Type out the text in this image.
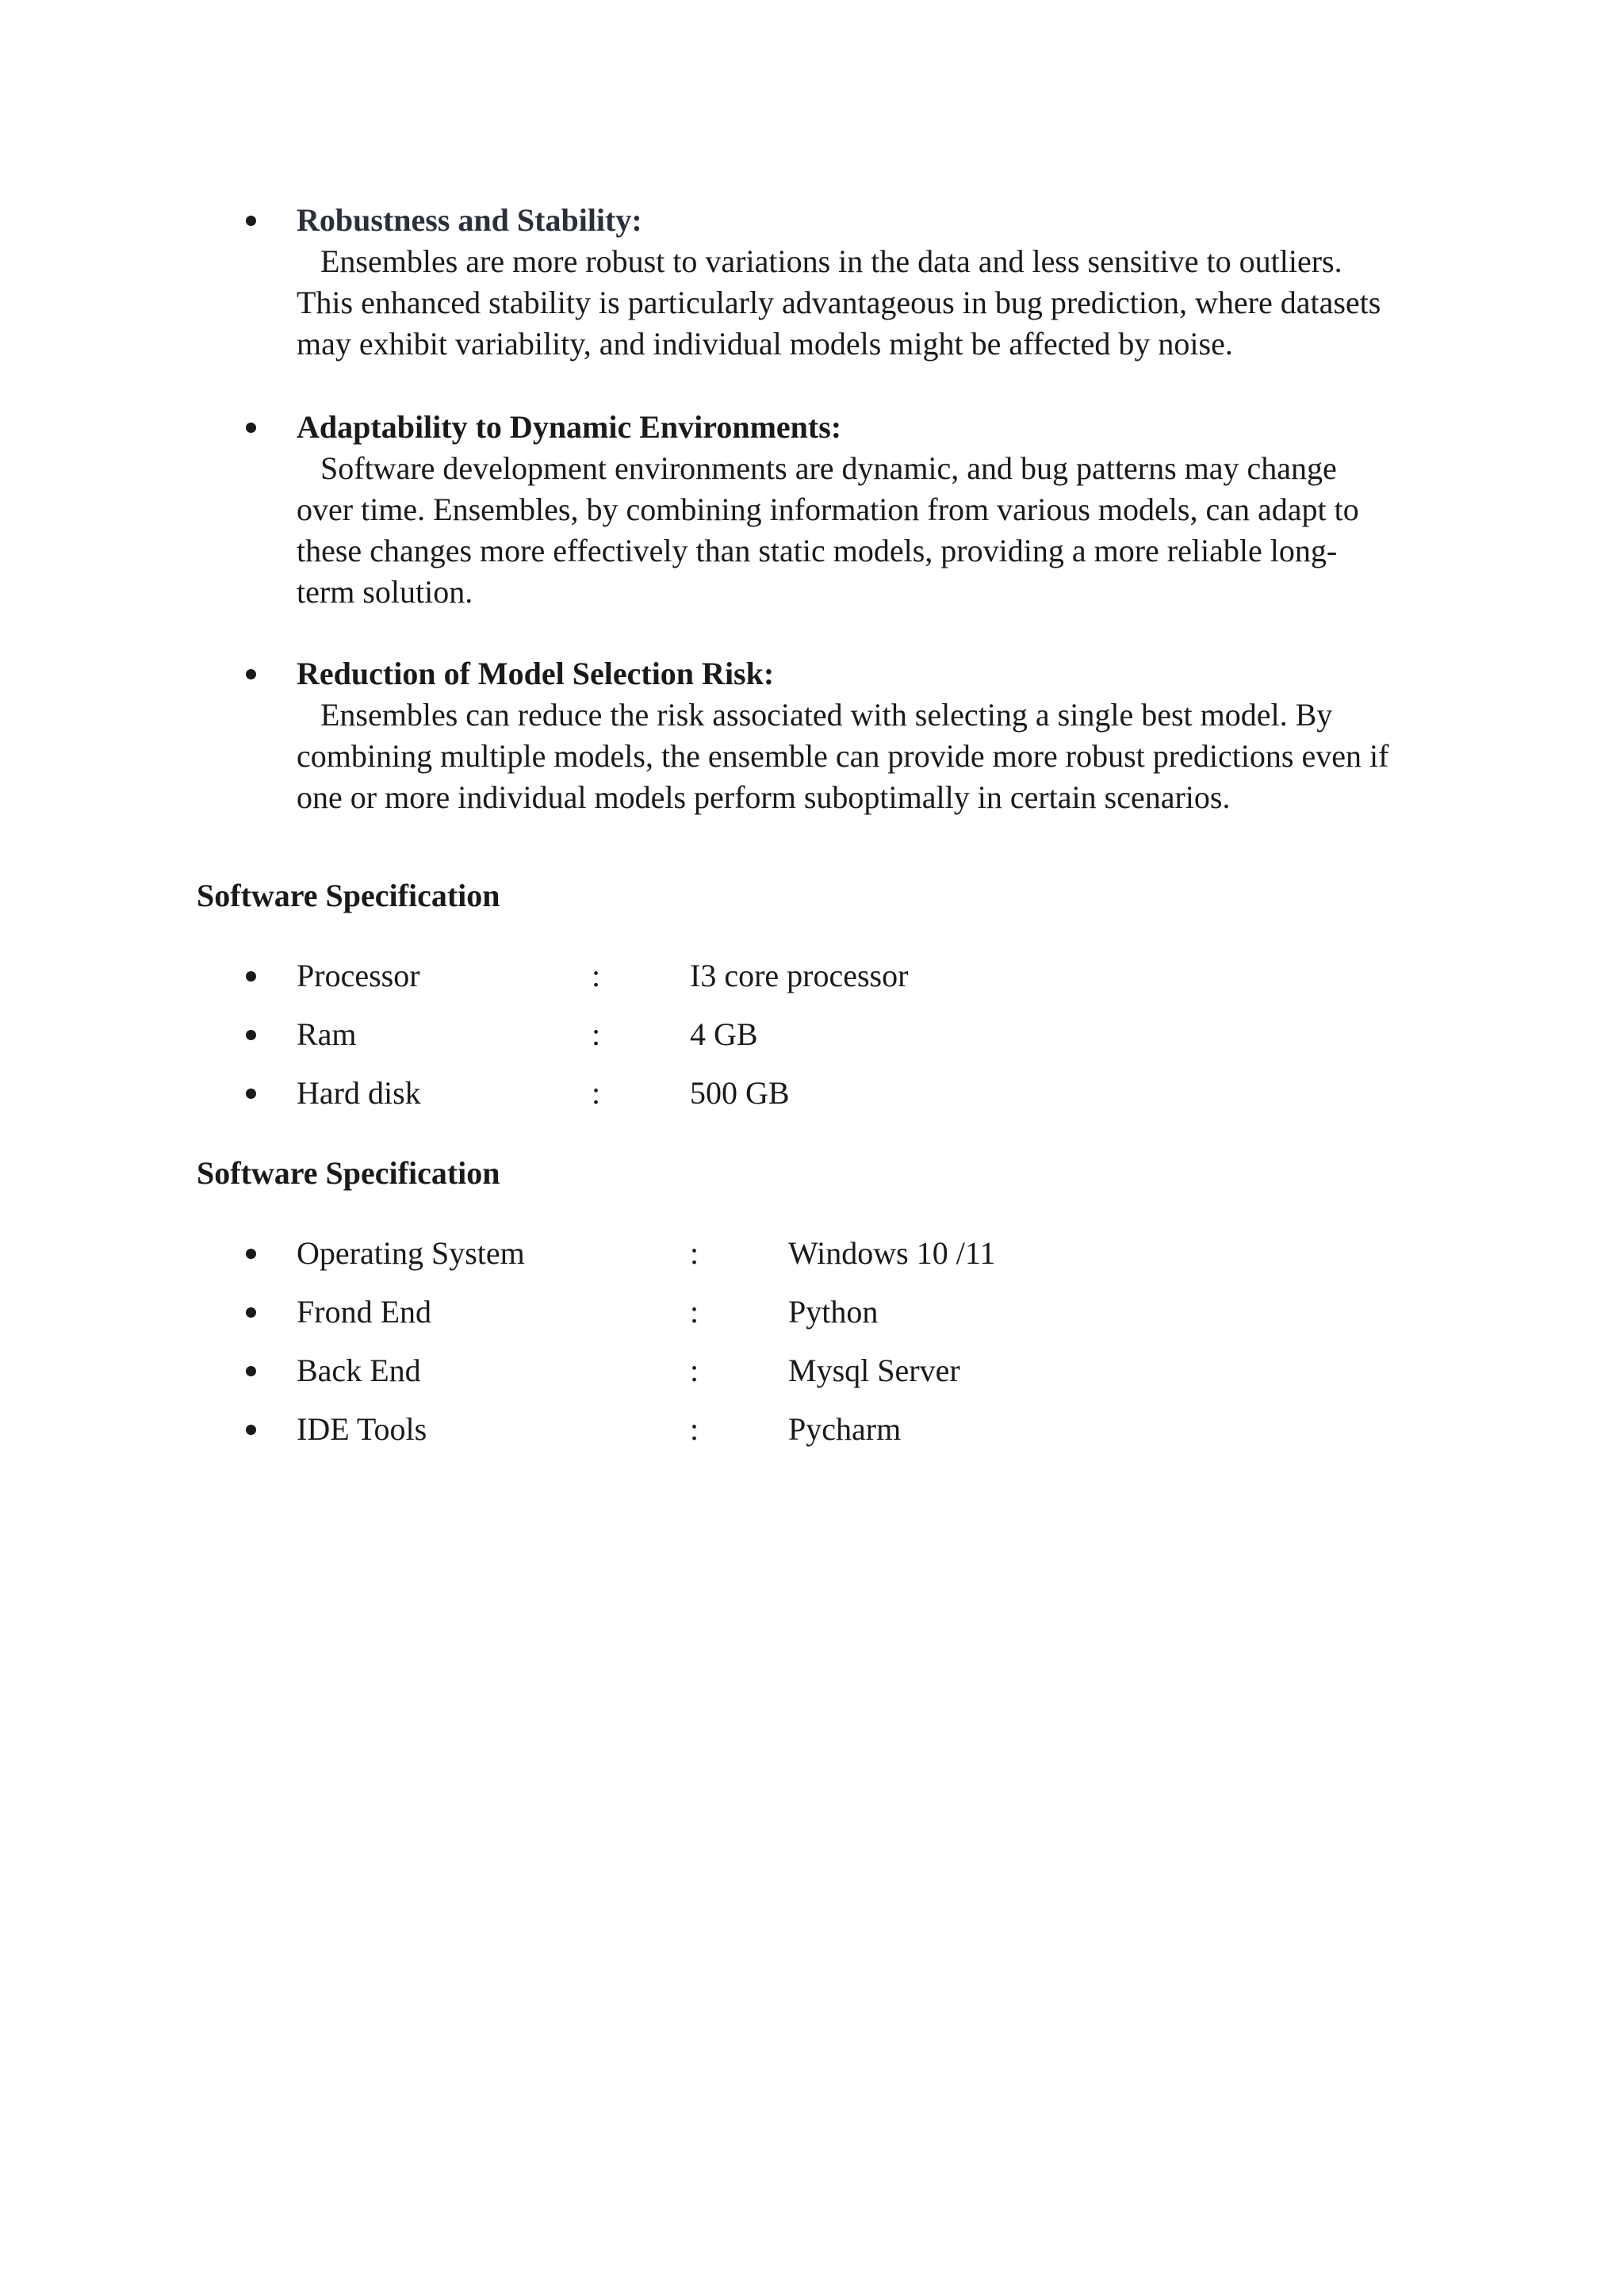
Robustness and Stability:
Ensembles are more robust to variations in the data and less sensitive to outliers.
This enhanced stability is particularly advantageous in bug prediction, where datasets
may exhibit variability, and individual models might be affected by noise.
Adaptability to Dynamic Environments:
Software development environments are dynamic, and bug patterns may change
over time. Ensembles, by combining information from various models, can adapt to
these changes more effectively than static models, providing a more reliable long-
term solution.
Reduction of Model Selection Risk:
Ensembles can reduce the risk associated with selecting a single best model. By
combining multiple models, the ensemble can provide more robust predictions even if
one or more individual models perform suboptimally in certain scenarios.
Software Specification
Processor	:	I3 core processor
Ram	:	4 GB
Hard disk	:	500 GB
Software Specification
Operating System	:	Windows 10 /11
Frond End	:	Python
Back End	:	Mysql Server
IDE Tools	:	Pycharm
